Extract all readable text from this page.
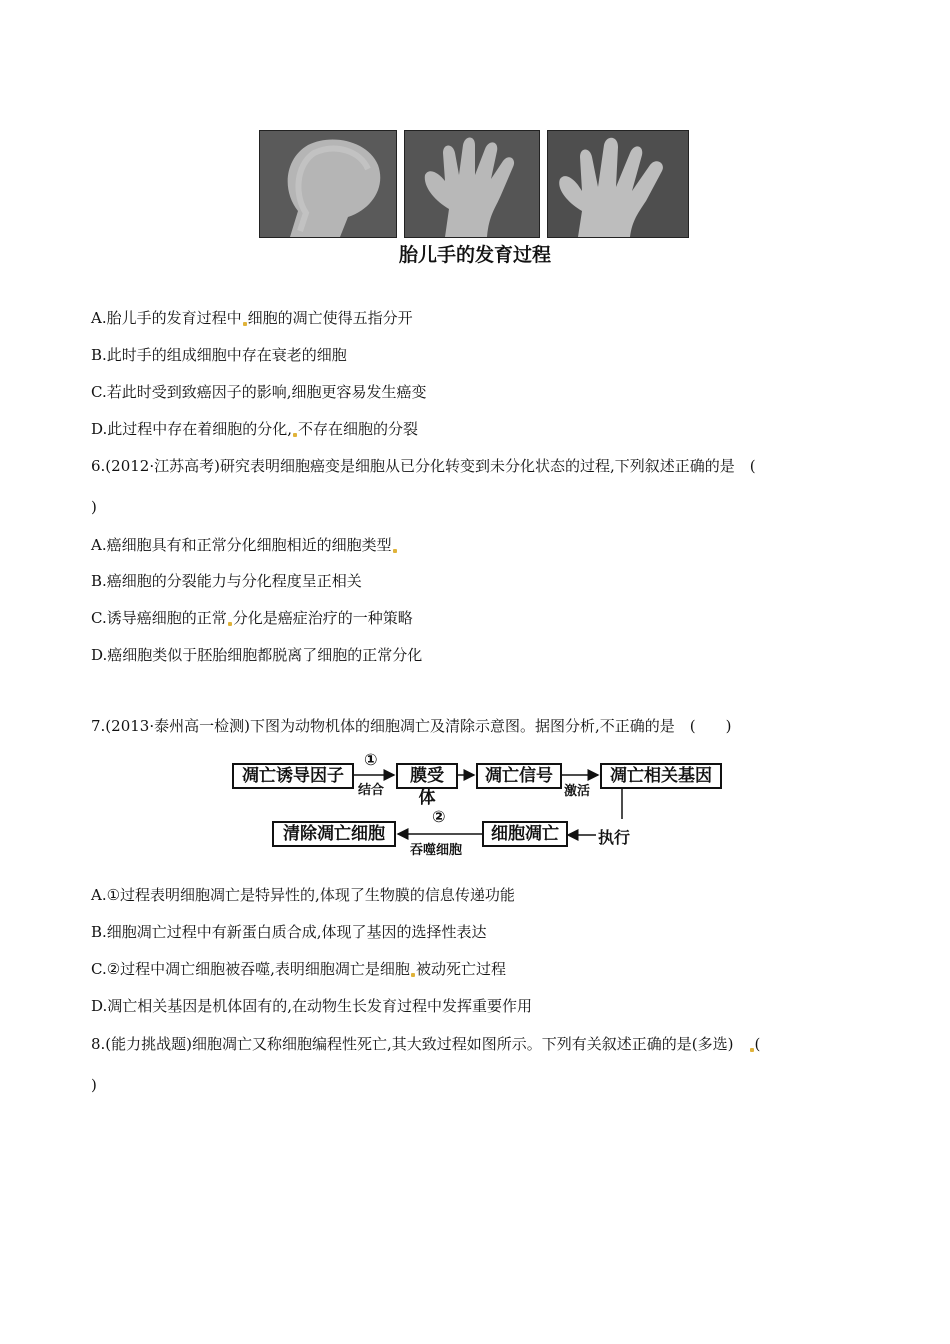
胎儿手的发育过程
A.胎儿手的发育过程中 细胞的凋亡使得五指分开
B.此时手的组成细胞中存在衰老的细胞
C.若此时受到致癌因子的影响,细胞更容易发生癌变
D.此过程中存在着细胞的分化, 不存在细胞的分裂
6.(2012·江苏高考)研究表明细胞癌变是细胞从已分化转变到未分化状态的过程,下列叙述正确的是　(
)
A.癌细胞具有和正常分化细胞相近的细胞类型
B.癌细胞的分裂能力与分化程度呈正相关
C.诱导癌细胞的正常 分化是癌症治疗的一种策略
D.癌细胞类似于胚胎细胞都脱离了细胞的正常分化
7.(2013·泰州高一检测)下图为动物机体的细胞凋亡及清除示意图。据图分析,不正确的是　(　　)
凋亡诱导因子
①
结合
膜受体
凋亡信号
激活
凋亡相关基因
执行
细胞凋亡
②
吞噬细胞
清除凋亡细胞
A.①过程表明细胞凋亡是特异性的,体现了生物膜的信息传递功能
B.细胞凋亡过程中有新蛋白质合成,体现了基因的选择性表达
C.②过程中凋亡细胞被吞噬,表明细胞凋亡是细胞 被动死亡过程
D.凋亡相关基因是机体固有的,在动物生长发育过程中发挥重要作用
8.(能力挑战题)细胞凋亡又称细胞编程性死亡,其大致过程如图所示。下列有关叙述正确的是(多选)　(
)
